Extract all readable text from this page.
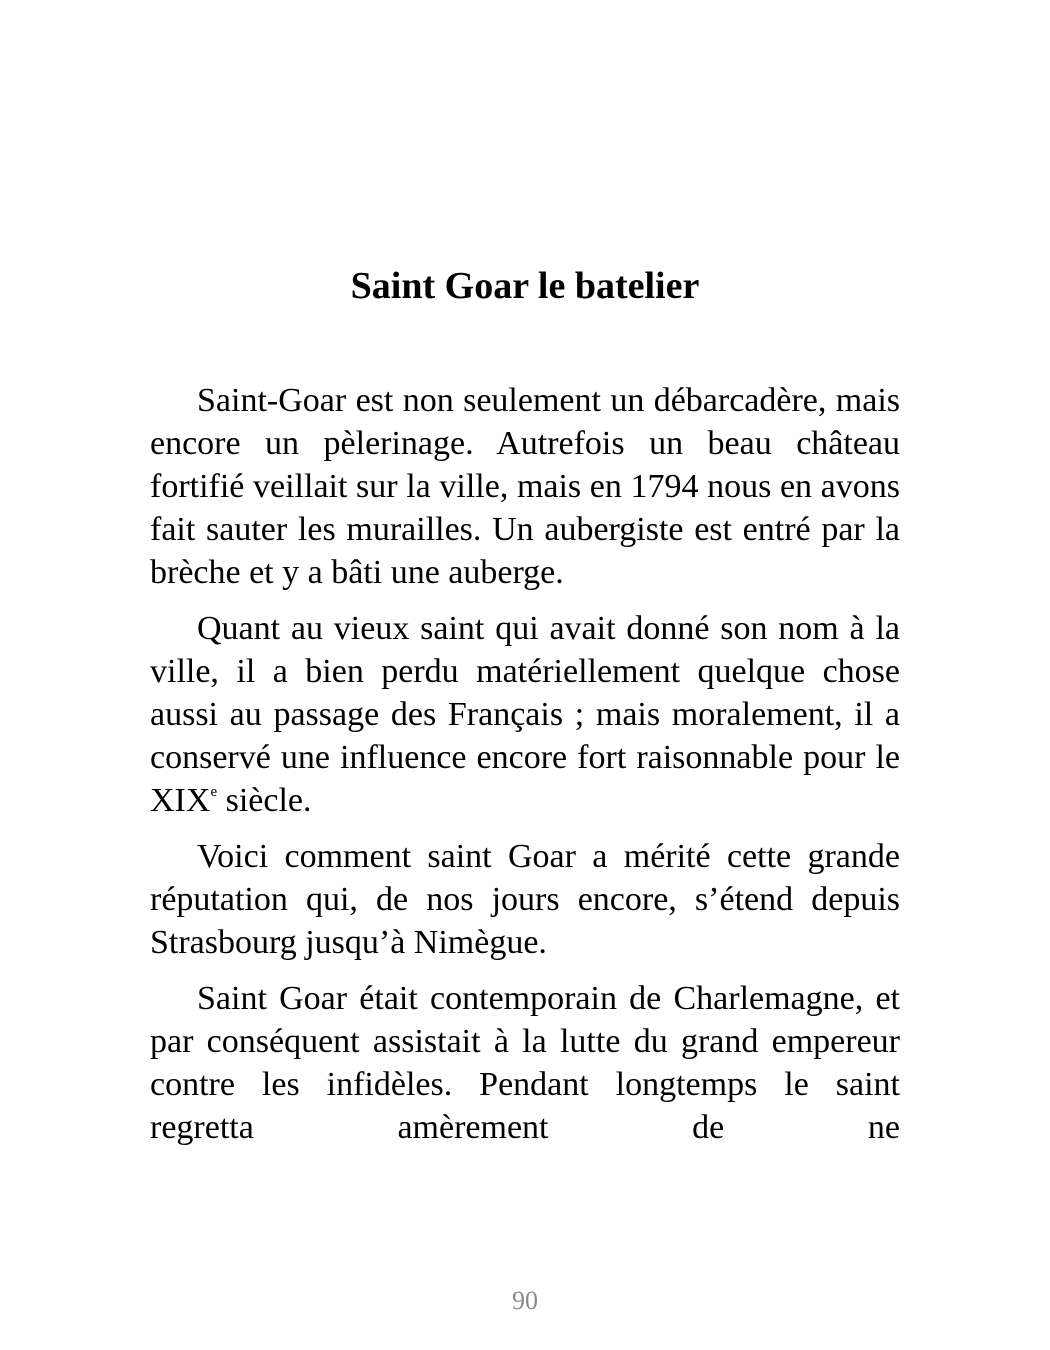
Saint Goar le batelier

Saint-Goar est non seulement un débarcadère, mais encore un pèlerinage. Autrefois un beau château fortifié veillait sur la ville, mais en 1794 nous en avons fait sauter les murailles. Un aubergiste est entré par la brèche et y a bâti une auberge.

Quant au vieux saint qui avait donné son nom à la ville, il a bien perdu matériellement quelque chose aussi au passage des Français ; mais moralement, il a conservé une influence encore fort raisonnable pour le XIXe siècle.

Voici comment saint Goar a mérité cette grande réputation qui, de nos jours encore, s’étend depuis Strasbourg jusqu’à Nimègue.

Saint Goar était contemporain de Charlemagne, et par conséquent assistait à la lutte du grand empereur contre les infidèles. Pendant longtemps le saint regretta amèrement de ne

90
